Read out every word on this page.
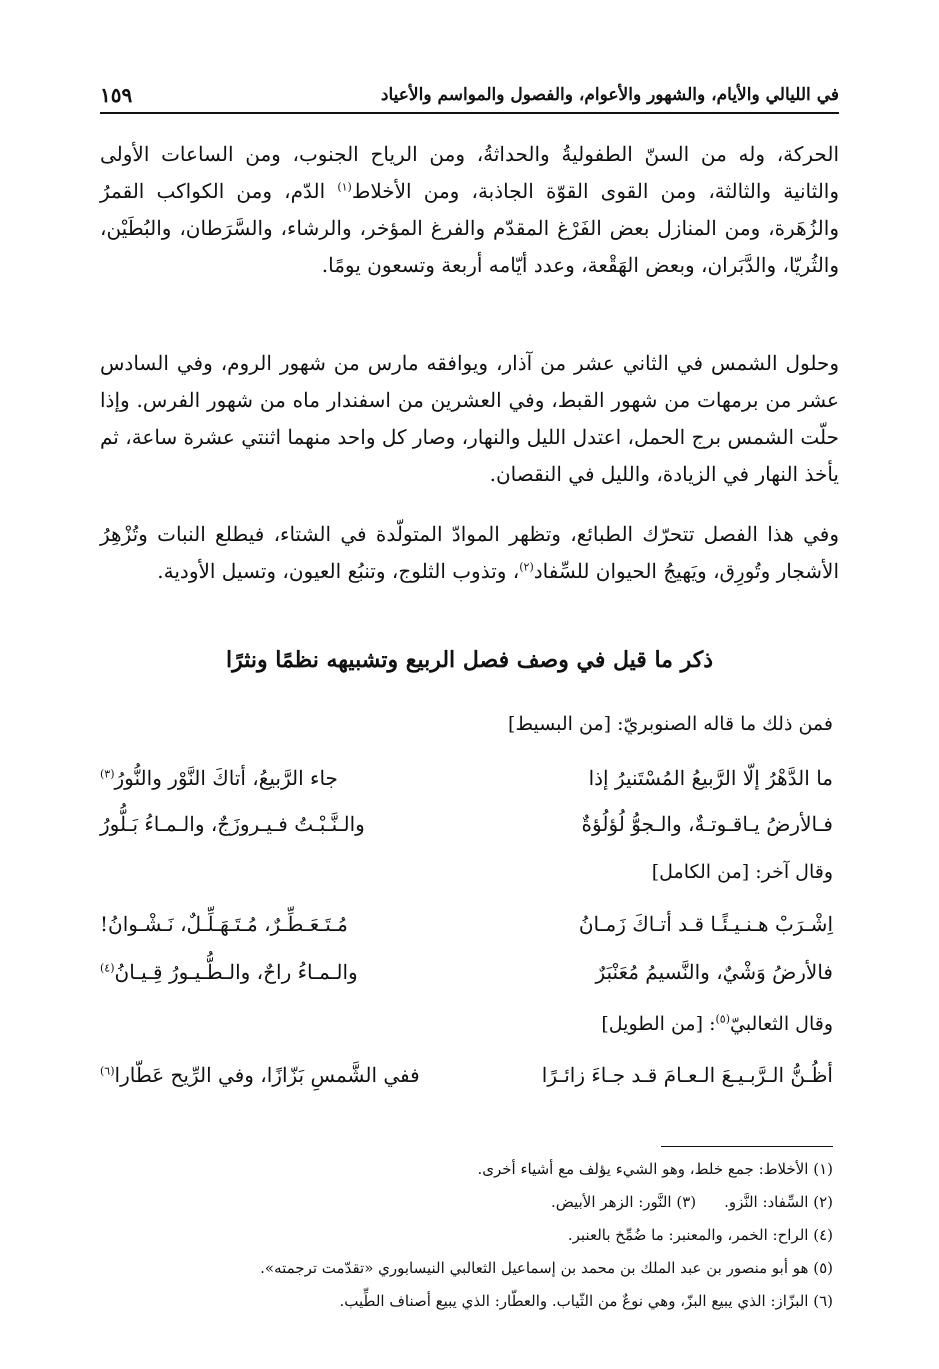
في الليالي والأيام، والشهور والأعوام، والفصول والمواسم والأعياد
١٥٩

الحركة، وله من السنّ الطفوليةُ والحداثةُ، ومن الرياح الجنوب، ومن الساعات الأولى والثانية والثالثة، ومن القوى القوّة الجاذبة، ومن الأخلاط$^{(١)}$ الدّم، ومن الكواكب القمرُ والزُهَرة، ومن المنازل بعض الفَرْغ المقدّم والفرغ المؤخر، والرشاء، والسَّرَطان، والبُطَيْن، والثُريّا، والدَّبَران، وبعض الهَقْعة، وعدد أيّامه أربعة وتسعون يومًا.

وحلول الشمس في الثاني عشر من آذار، ويوافقه مارس من شهور الروم، وفي السادس عشر من برمهات من شهور القبط، وفي العشرين من اسفندار ماه من شهور الفرس. وإذا حلّت الشمس برج الحمل، اعتدل الليل والنهار، وصار كل واحد منهما اثنتي عشرة ساعة، ثم يأخذ النهار في الزيادة، والليل في النقصان.

وفي هذا الفصل تتحرّك الطبائع، وتظهر الموادّ المتولّدة في الشتاء، فيطلع النبات وتُزْهِرُ الأشجار وتُورِق، ويَهيجُ الحيوان للسِّفاد$^{(٢)}$، وتذوب الثلوج، وتنبُع العيون، وتسيل الأودية.

ذكر ما قيل في وصف فصل الربيع وتشبيهه نظمًا ونثرًا

فمن ذلك ما قاله الصنوبريّ: [من البسيط]

ما الدَّهْرُ إلّا الرَّبيعُ المُسْتَنيرُ إذا
جاء الرَّبيعُ، أتاكَ النَّوْر والنُّورُ$^{(٣)}$
فـالأرضُ يـاقـوتـةٌ، والـجوُّ لُؤلُؤةٌ
والـنَّـبْـتُ فـيـروزَجٌ، والـمـاءُ بَـلُّورُ

وقال آخر: [من الكامل]

اِشْـرَبْ هـنـيـئًـا قـد أتـاكَ زَمـانُ
مُـتَـعَـطِّـرٌ، مُـتَـهَـلِّـلٌ، نَـشْـوانُ!
فالأرضُ وَشْيٌ، والنَّسيمُ مُعَنْبَرٌ
والـمـاءُ راحٌ، والـطُّـيـورُ قِـيـانُ$^{(٤)}$

وقال الثعالبيّ$^{(٥)}$: [من الطويل]

أظُـنُّ الـرَّبـيـعَ الـعـامَ قـد جـاءَ زائـرًا
ففي الشَّمسِ بَزّازًا، وفي الرِّيح عَطّارا$^{(٦)}$

(١) الأخلاط: جمع خلط، وهو الشيء يؤلف مع أشياء أخرى.

(٢) السِّفاد: النَّزو.(٣) النَّور: الزهر الأبيض.

(٤) الراح: الخمر، والمعنبر: ما ضُمِّخ بالعنبر.

(٥) هو أبو منصور بن عبد الملك بن محمد بن إسماعيل الثعالبي النيسابوري «تقدّمت ترجمته».

(٦) البزّاز: الذي يبيع البزّ، وهي نوعٌ من الثّياب. والعطّار: الذي يبيع أصناف الطِّيب.
